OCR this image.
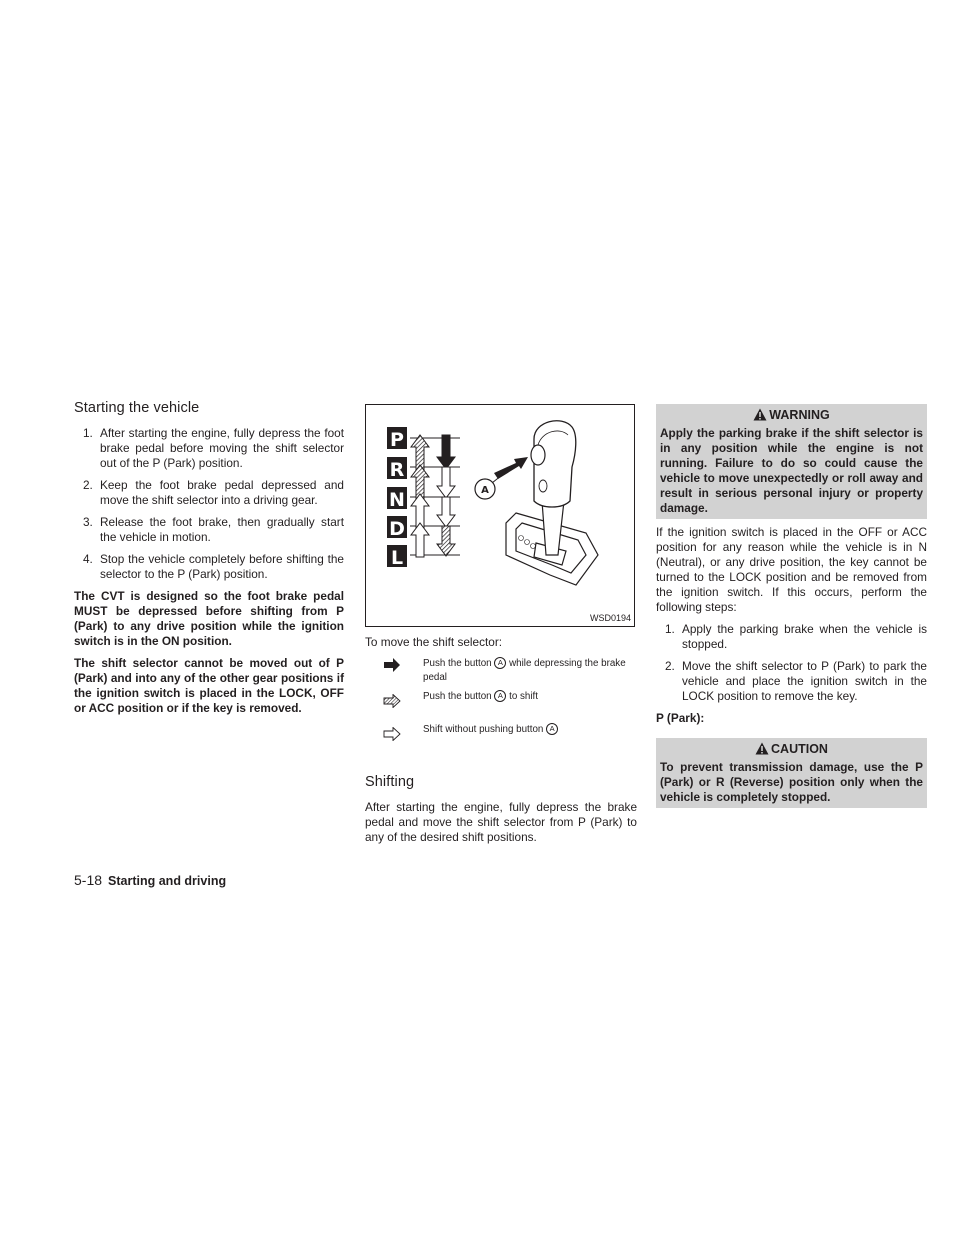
Starting the vehicle
1. After starting the engine, fully depress the foot brake pedal before moving the shift selector out of the P (Park) position.
2. Keep the foot brake pedal depressed and move the shift selector into a driving gear.
3. Release the foot brake, then gradually start the vehicle in motion.
4. Stop the vehicle completely before shifting the selector to the P (Park) position.

The CVT is designed so the foot brake pedal MUST be depressed before shifting from P (Park) to any drive position while the ignition switch is in the ON position.

The shift selector cannot be moved out of P (Park) and into any of the other gear positions if the ignition switch is placed in the LOCK, OFF or ACC position or if the key is removed.

P
R
N
D
L
A
WSD0194
To move the shift selector:
Push the button A while depressing the brake pedal
Push the button A to shift
Shift without pushing button A
Shifting

After starting the engine, fully depress the brake pedal and move the shift selector from P (Park) to any of the desired shift positions.

WARNING
Apply the parking brake if the shift selector is in any position while the engine is not running. Failure to do so could cause the vehicle to move unexpectedly or roll away and result in serious personal injury or property damage.

If the ignition switch is placed in the OFF or ACC position for any reason while the vehicle is in N (Neutral), or any drive position, the key cannot be turned to the LOCK position and be removed from the ignition switch. If this occurs, perform the following steps:

1. Apply the parking brake when the vehicle is stopped.
2. Move the shift selector to P (Park) to park the vehicle and place the ignition switch in the LOCK position to remove the key.

P (Park):

CAUTION
To prevent transmission damage, use the P (Park) or R (Reverse) position only when the vehicle is completely stopped.
5-18 Starting and driving
